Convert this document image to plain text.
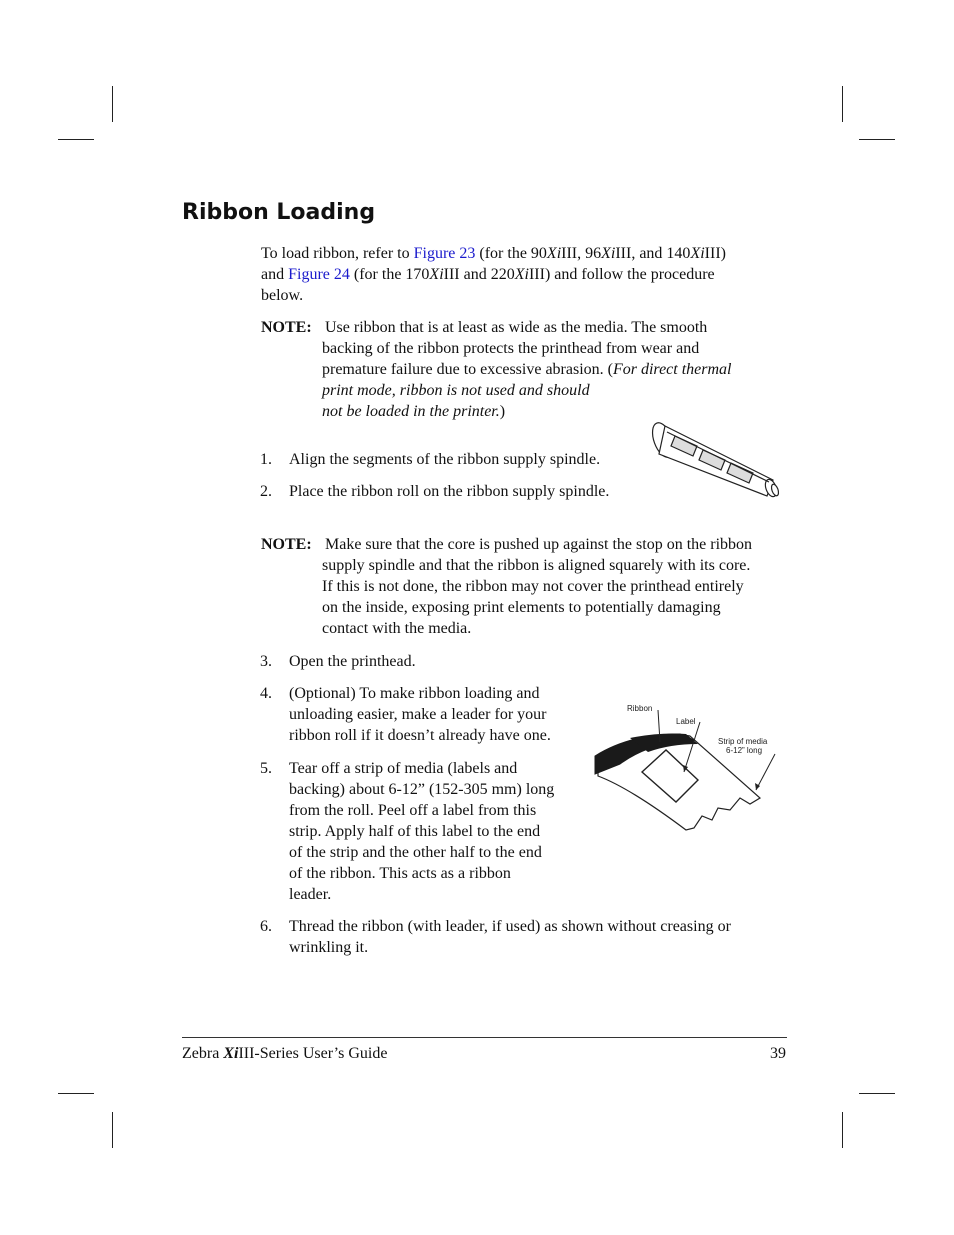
Ribbon Loading
To load ribbon, refer to Figure 23 (for the 90XiIII, 96XiIII, and 140XiIII)
and Figure 24 (for the 170XiIII and 220XiIII) and follow the procedure
below.
NOTE: Use ribbon that is at least as wide as the media. The smooth
backing of the ribbon protects the printhead from wear and
premature failure due to excessive abrasion. (For direct thermal
print mode, ribbon is not used and should
not be loaded in the printer.)
1. Align the segments of the ribbon supply spindle.
2. Place the ribbon roll on the ribbon supply spindle.
NOTE: Make sure that the core is pushed up against the stop on the ribbon
supply spindle and that the ribbon is aligned squarely with its core.
If this is not done, the ribbon may not cover the printhead entirely
on the inside, exposing print elements to potentially damaging
contact with the media.
3. Open the printhead.
4. (Optional) To make ribbon loading and
unloading easier, make a leader for your
ribbon roll if it doesn’t already have one.
5. Tear off a strip of media (labels and
backing) about 6-12” (152-305 mm) long
from the roll. Peel off a label from this
strip. Apply half of this label to the end
of the strip and the other half to the end
of the ribbon. This acts as a ribbon
leader.
Ribbon
Label
Strip of media
6-12” long
6. Thread the ribbon (with leader, if used) as shown without creasing or
wrinkling it.
Zebra XiIII-Series User’s Guide	39
